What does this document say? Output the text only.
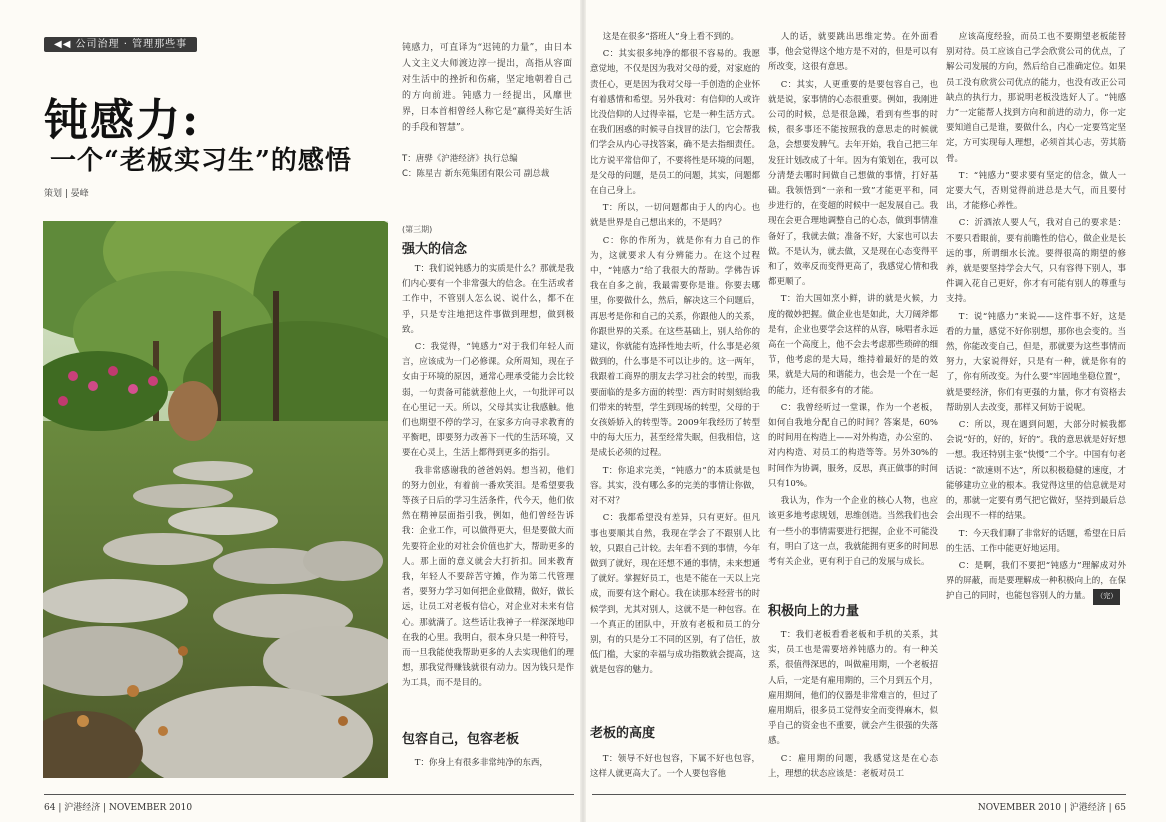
◀◀ 公司治理 · 管理那些事
钝感力:
一个“老板实习生”的感悟
策划 | 晏峰
钝感力，可直译为“迟钝的力量”，由日本人文主义大师渡边淳一提出，高指从容面对生活中的挫折和伤痛，坚定地朝着自己的方向前进。钝感力一经提出，风靡世界，日本首相曾经人称它是“赢得美好生活的手段和智慧”。
T：唐骅《沪港经济》执行总编
C：陈星吉 新东苑集团有限公司 副总裁
(第三期)
强大的信念

T：我们说钝感力的实质是什么？那就是我们内心要有一个非常强大的信念。在生活或者工作中，不管别人怎么说、说什么，都不在乎，只是专注地把这件事做到理想，做到极致。

C：我觉得，“钝感力”对于我们年轻人而言，应该成为一门必修课。众所周知，现在子女由于环境的原因，通常心理承受能力会比较弱，一句责备可能就惹他上火，一句批评可以在心里记一天。所以，父母其实让我感触。他们也期望不停的学习，在家多方向寻求教育的平衡吧，即要努力改善下一代的生活环境，又要在心灵上，生活上都得到更多的指引。

我非常感谢我的爸爸妈妈。想当初，他们的努力创业，有着前一番欢笑泪。是希望要我等孩子日后的学习生活条件，代今天，他们依然在精神层面指引我，例如，他们曾经告诉我：企业工作，可以做得更大，但是要做大而先要符企业的对社会价值也扩大，帮助更多的人。那上面的意义就会大打折扣。回来教育我，年轻人不要辞苦守摊，作为第二代管理者，要努力学习如何把企业做精，做好，做长远，让员工对老板有信心，对企业对未来有信心。那就满了。这些话让我神子一样深深地印在我的心里。我明白，很本身只是一种符号，而一旦我能使我帮助更多的人去实现他们的理想，那我觉得赚钱就很有动力。因为钱只是作为工具，而不是目的。

包容自己，包容老板

T：你身上有很多非常纯净的东西，

这是在很多“搭班人”身上看不到的。

C：其实很多纯净的都很不容易的。我愿意觉地，不仅是因为我对父母的爱，对家庭的责任心，更是因为我对父母一手创造的企业怀有着感情和希望。另外我对：有信仰的人或许比没信仰的人过得幸福，它是一种生活方式。在我们困惑的时候寻自找冒的法门，它会帮我们学会从内心寻找答案，确不是去指细责任。比方说平常信仰了，不要将性是环境的问题，是父母的问题，是员工的问题，其实，问题都在自己身上。

T：所以，一切问题都由于人的内心。也就是世界是自己想出来的，不是吗？

C：你的作所为，就是你有力自己的作为，这就要求人有分辨能力。在这个过程中，“钝感力”给了我很大的帮助。学佛告诉我在自多之前，我最需要你是谁。你要去哪里，你要做什么，然后，解决这三个问题后，再思考是你和自己的关系，你跟他人的关系，你跟世界的关系。在这些基础上，别人给你的建议，你就能有选择性地去听，什么事是必须做到的，什么事是不可以让步的。这一两年，我跟着工商界的朋友去学习社会的转型，而我要面临的是多方面的转型：西方时时刻刻给我们带来的转型，学生到现场的转型，父母的于女孩娇娇入的转型等。2009年我经历了转型中的每大压力，甚至经常失眠，但我相信，这是成长必须的过程。

T：你追求完美，“钝感力”的本质就是包容。其实，没有哪么多的完美的事情让你做，对不对？

C：我都希望没有差异，只有更好。但凡事也要顺其自然，我现在学会了不跟别人比较，只跟自己计较。去年看不到的事情，今年做到了就好，现在还想不通的事情，未来想通了就好。掌握好员工，也是不能在一天以上完成，而要有这个耐心。我在读那本经营书的时候学到，尤其对别人，这就不是一种包容。在一个真正的团队中，开放有老板和员工的分别，有的只是分工不同的区别，有了信任，放低门槛，大家的幸福与成功指数就会提高，这就是包容的魅力。

老板的高度

T：领导不好也包容，下属不好也包容，这样人就更高大了。一个人要包容他

人的话，就要跳出思维定势。在外面看事，他会觉得这个地方是不对的，但是可以有所改变，这很有意思。

C：其实，人更重要的是要包容自己，也就是说，家事情的心态很重要。例如，我刚进公司的时候，总是很急躁，看到有些事的时候，很多事还不能按照我的意思走的时候就急，会想要发脾气。去年开始，我自己把三年发狂计划改成了十年。因为有策划在，我可以分清楚去哪时间做自己想做的事情，打好基础。我领悟到“一亲和一致”才能更平和，同步进行的，在变超的时候中一起发展自己。我现在会更合理地调整自己的心态，做到事情准备好了，我就去做；准备不好，大家也可以去做。不是认为，就去做，又是现在心态变得平和了，效率反而变得更高了，我感觉心情和我都更顺了。

T：治大国如烹小鲜，讲的就是火候，力度的微妙把握。做企业也是如此，大刀阔斧都是有，企业也要学会这样的从容，咏唱者永远高在一个高度上，他不会去考虑那些琐碎的细节，他考虑的是大局，维持着最好的是的效果，就是大局的和谐能力，也会是一个在一起的能力，还有很多有的才能。

C：我曾经听过一堂课，作为一个老板，如何自我地分配自己的时间？答案是，60%的时间用在构造上——对外构造，办公室的、对内构造、对员工的构造等等。另外30%的时间作为协调，服务，反思，真正做事的时间只有10%。

我认为，作为一个企业的核心人物，也应该更多地考虑规划，思维创造。当然我们也会有一些小的事情需要进行把握，企业不可能没有，明白了这一点，我就能拥有更多的时间思考有关企业，更有利于自己的发展与成长。

积极向上的力量

T：我们老板看看老板和手机的关系，其实，员工也是需要培养钝感力的。有一种关系，很值得深思的，叫做雇用期，一个老板招人后，一定是有雇用期的，三个月到五个月，雇用期间，他们的仪器是非常难言的，但过了雇用期后，很多员工觉得安全而变得麻木，似乎自己的资金也不重要，就会产生很强的失落感。

C：雇用期的问题，我感觉这是在心态上，理想的状态应该是：老板对员工

应该高度经验，而员工也不要期望老板能替别对待。员工应该自己学会欣赏公司的优点，了解公司发展的方向，然后给自己准确定位。如果员工没有欣赏公司优点的能力，也没有改正公司缺点的执行力，那说明老板没选好人了。“钝感力”一定能帮人找到方向和前进的动力，你一定要知道自己是谁，要做什么，内心一定要笃定坚定，方可实现每人理想，必须首其心志，劳其筋骨。

T：“钝感力”要求要有坚定的信念，做人一定要大气，否则觉得前进总是大气，而且要付出，才能修心养性。

C：沂酒浓人要人气，我对自己的要求是：不要只看眼前，要有前瞻性的信心，做企业是长远的事，所谓细水长流。要得很高的期望的修养，就是要坚持学会大气，只有容得下别人，事件调入花自己更好，你才有可能有别人的尊重与支持。

T：说“钝感力”来说——这件事不好，这是看的力量，感觉不好你别想，那你也会变的。当然，你能改变自己，但是，那就要为这些事情而努力，大家说得好，只是有一种，就是你有的了，你有所改变。为什么要“牢固地坐稳位置”，就是要经济，你们有更强的力量，你才有资格去帮助别人去改变，那样又何妨于说呢。

C：所以，现在遇到问题，大部分时候我都会说“好的，好的，好的”。我的意思就是好好想一想。我还特别主张“快慢”二个字。中国有句老话说：“欲速则不达”，所以积极稳健的速度，才能够建功立业的根本。我觉得这里的信息就是对的，那就一定要有勇气把它做好，坚持到最后总会出现不一样的结果。

T：今天我们聊了非常好的话题，希望在日后的生活、工作中能更好地运用。

C：是啊，我们不要把“钝感力”理解成对外界的屏蔽，而是要理解成一种积极向上的，在保护自己的同时，也能包容别人的力量。 （完）

64 | 沪港经济 | NOVEMBER 2010	NOVEMBER 2010 | 沪港经济 | 65
